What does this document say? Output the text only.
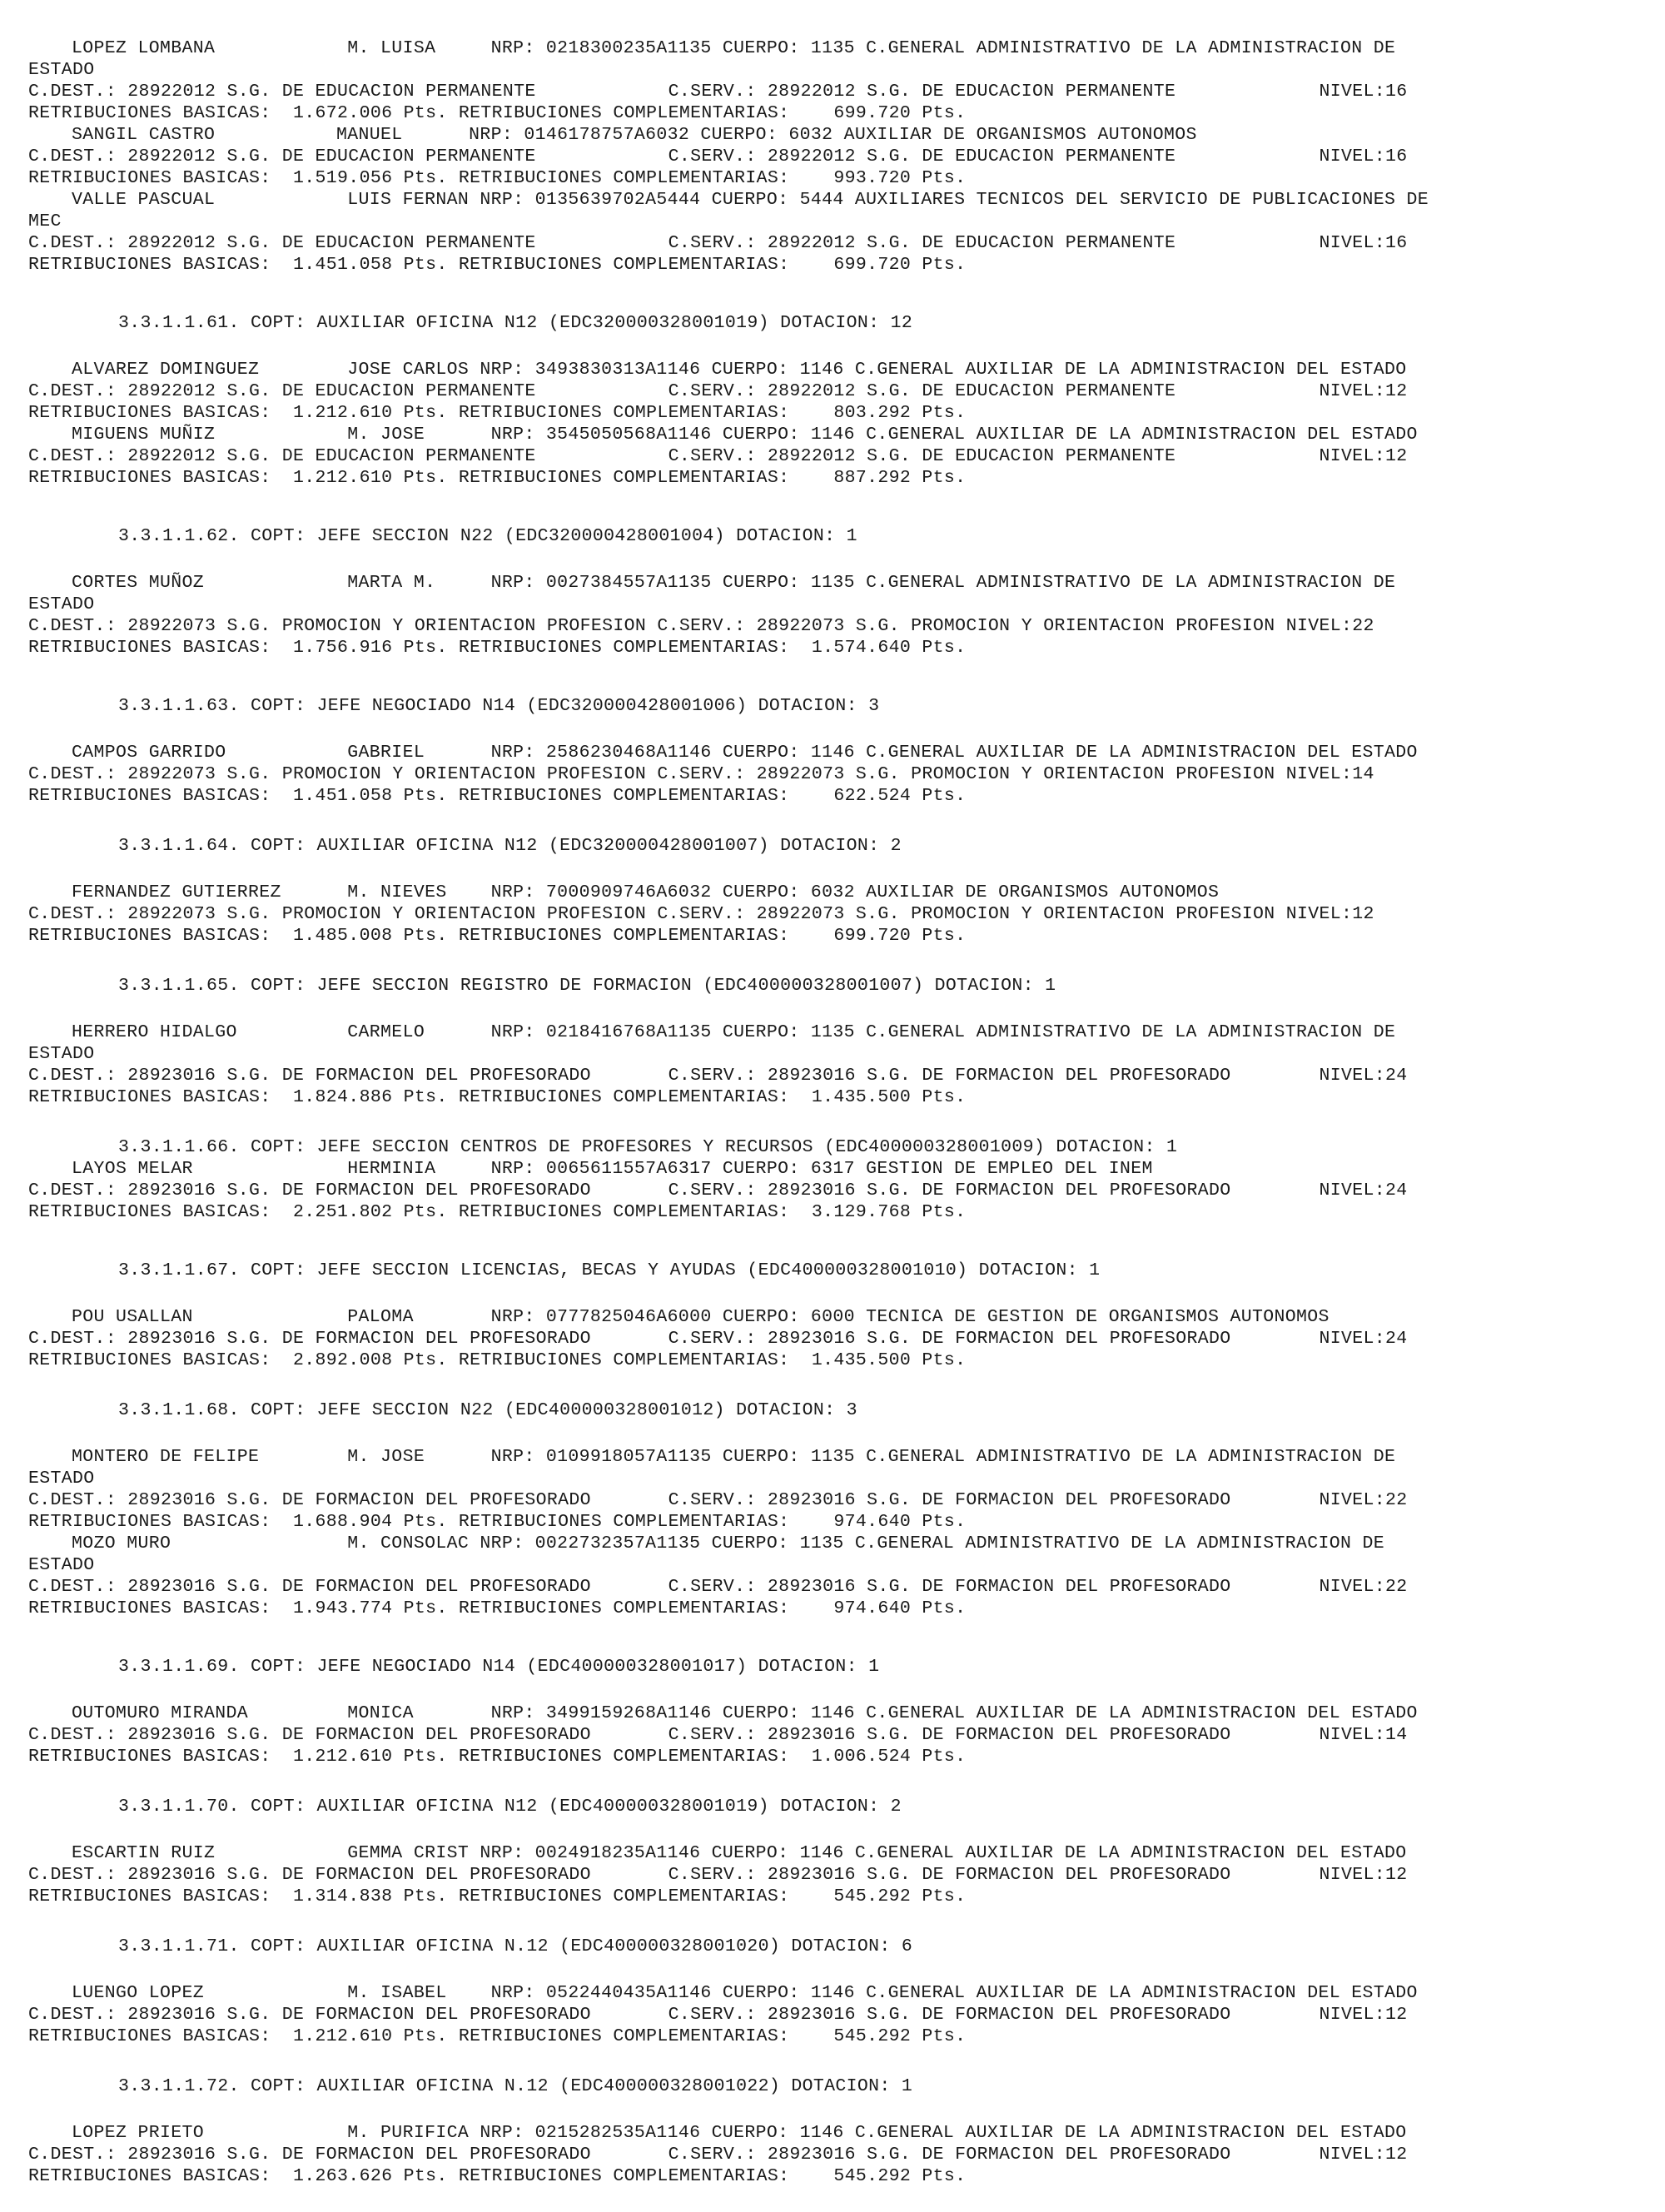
LOPEZ LOMBANA            M. LUISA     NRP: 0218300235A1135 CUERPO: 1135 C.GENERAL ADMINISTRATIVO DE LA ADMINISTRACION DE
ESTADO
C.DEST.: 28922012 S.G. DE EDUCACION PERMANENTE            C.SERV.: 28922012 S.G. DE EDUCACION PERMANENTE             NIVEL:16
RETRIBUCIONES BASICAS:  1.672.006 Pts. RETRIBUCIONES COMPLEMENTARIAS:    699.720 Pts.
SANGIL CASTRO           MANUEL      NRP: 0146178757A6032 CUERPO: 6032 AUXILIAR DE ORGANISMOS AUTONOMOS
C.DEST.: 28922012 S.G. DE EDUCACION PERMANENTE            C.SERV.: 28922012 S.G. DE EDUCACION PERMANENTE             NIVEL:16
RETRIBUCIONES BASICAS:  1.519.056 Pts. RETRIBUCIONES COMPLEMENTARIAS:    993.720 Pts.
VALLE PASCUAL            LUIS FERNAN NRP: 0135639702A5444 CUERPO: 5444 AUXILIARES TECNICOS DEL SERVICIO DE PUBLICACIONES DE
MEC
C.DEST.: 28922012 S.G. DE EDUCACION PERMANENTE            C.SERV.: 28922012 S.G. DE EDUCACION PERMANENTE             NIVEL:16
RETRIBUCIONES BASICAS:  1.451.058 Pts. RETRIBUCIONES COMPLEMENTARIAS:    699.720 Pts.
3.3.1.1.61. COPT: AUXILIAR OFICINA N12 (EDC320000328001019) DOTACION: 12
ALVAREZ DOMINGUEZ        JOSE CARLOS NRP: 3493830313A1146 CUERPO: 1146 C.GENERAL AUXILIAR DE LA ADMINISTRACION DEL ESTADO
C.DEST.: 28922012 S.G. DE EDUCACION PERMANENTE            C.SERV.: 28922012 S.G. DE EDUCACION PERMANENTE             NIVEL:12
RETRIBUCIONES BASICAS:  1.212.610 Pts. RETRIBUCIONES COMPLEMENTARIAS:    803.292 Pts.
MIGUENS MUÑIZ            M. JOSE      NRP: 3545050568A1146 CUERPO: 1146 C.GENERAL AUXILIAR DE LA ADMINISTRACION DEL ESTADO
C.DEST.: 28922012 S.G. DE EDUCACION PERMANENTE            C.SERV.: 28922012 S.G. DE EDUCACION PERMANENTE             NIVEL:12
RETRIBUCIONES BASICAS:  1.212.610 Pts. RETRIBUCIONES COMPLEMENTARIAS:    887.292 Pts.
3.3.1.1.62. COPT: JEFE SECCION N22 (EDC320000428001004) DOTACION: 1
CORTES MUÑOZ             MARTA M.     NRP: 0027384557A1135 CUERPO: 1135 C.GENERAL ADMINISTRATIVO DE LA ADMINISTRACION DE
ESTADO
C.DEST.: 28922073 S.G. PROMOCION Y ORIENTACION PROFESION C.SERV.: 28922073 S.G. PROMOCION Y ORIENTACION PROFESION NIVEL:22
RETRIBUCIONES BASICAS:  1.756.916 Pts. RETRIBUCIONES COMPLEMENTARIAS:  1.574.640 Pts.
3.3.1.1.63. COPT: JEFE NEGOCIADO N14 (EDC320000428001006) DOTACION: 3
CAMPOS GARRIDO           GABRIEL      NRP: 2586230468A1146 CUERPO: 1146 C.GENERAL AUXILIAR DE LA ADMINISTRACION DEL ESTADO
C.DEST.: 28922073 S.G. PROMOCION Y ORIENTACION PROFESION C.SERV.: 28922073 S.G. PROMOCION Y ORIENTACION PROFESION NIVEL:14
RETRIBUCIONES BASICAS:  1.451.058 Pts. RETRIBUCIONES COMPLEMENTARIAS:    622.524 Pts.
3.3.1.1.64. COPT: AUXILIAR OFICINA N12 (EDC320000428001007) DOTACION: 2
FERNANDEZ GUTIERREZ      M. NIEVES    NRP: 7000909746A6032 CUERPO: 6032 AUXILIAR DE ORGANISMOS AUTONOMOS
C.DEST.: 28922073 S.G. PROMOCION Y ORIENTACION PROFESION C.SERV.: 28922073 S.G. PROMOCION Y ORIENTACION PROFESION NIVEL:12
RETRIBUCIONES BASICAS:  1.485.008 Pts. RETRIBUCIONES COMPLEMENTARIAS:    699.720 Pts.
3.3.1.1.65. COPT: JEFE SECCION REGISTRO DE FORMACION (EDC400000328001007) DOTACION: 1
HERRERO HIDALGO          CARMELO      NRP: 0218416768A1135 CUERPO: 1135 C.GENERAL ADMINISTRATIVO DE LA ADMINISTRACION DE
ESTADO
C.DEST.: 28923016 S.G. DE FORMACION DEL PROFESORADO       C.SERV.: 28923016 S.G. DE FORMACION DEL PROFESORADO        NIVEL:24
RETRIBUCIONES BASICAS:  1.824.886 Pts. RETRIBUCIONES COMPLEMENTARIAS:  1.435.500 Pts.
3.3.1.1.66. COPT: JEFE SECCION CENTROS DE PROFESORES Y RECURSOS (EDC400000328001009) DOTACION: 1
LAYOS MELAR              HERMINIA     NRP: 0065611557A6317 CUERPO: 6317 GESTION DE EMPLEO DEL INEM
C.DEST.: 28923016 S.G. DE FORMACION DEL PROFESORADO       C.SERV.: 28923016 S.G. DE FORMACION DEL PROFESORADO        NIVEL:24
RETRIBUCIONES BASICAS:  2.251.802 Pts. RETRIBUCIONES COMPLEMENTARIAS:  3.129.768 Pts.
3.3.1.1.67. COPT: JEFE SECCION LICENCIAS, BECAS Y AYUDAS (EDC400000328001010) DOTACION: 1
POU USALLAN              PALOMA       NRP: 0777825046A6000 CUERPO: 6000 TECNICA DE GESTION DE ORGANISMOS AUTONOMOS
C.DEST.: 28923016 S.G. DE FORMACION DEL PROFESORADO       C.SERV.: 28923016 S.G. DE FORMACION DEL PROFESORADO        NIVEL:24
RETRIBUCIONES BASICAS:  2.892.008 Pts. RETRIBUCIONES COMPLEMENTARIAS:  1.435.500 Pts.
3.3.1.1.68. COPT: JEFE SECCION N22 (EDC400000328001012) DOTACION: 3
MONTERO DE FELIPE        M. JOSE      NRP: 0109918057A1135 CUERPO: 1135 C.GENERAL ADMINISTRATIVO DE LA ADMINISTRACION DE
ESTADO
C.DEST.: 28923016 S.G. DE FORMACION DEL PROFESORADO       C.SERV.: 28923016 S.G. DE FORMACION DEL PROFESORADO        NIVEL:22
RETRIBUCIONES BASICAS:  1.688.904 Pts. RETRIBUCIONES COMPLEMENTARIAS:    974.640 Pts.
MOZO MURO                M. CONSOLAC NRP: 0022732357A1135 CUERPO: 1135 C.GENERAL ADMINISTRATIVO DE LA ADMINISTRACION DE
ESTADO
C.DEST.: 28923016 S.G. DE FORMACION DEL PROFESORADO       C.SERV.: 28923016 S.G. DE FORMACION DEL PROFESORADO        NIVEL:22
RETRIBUCIONES BASICAS:  1.943.774 Pts. RETRIBUCIONES COMPLEMENTARIAS:    974.640 Pts.
3.3.1.1.69. COPT: JEFE NEGOCIADO N14 (EDC400000328001017) DOTACION: 1
OUTOMURO MIRANDA         MONICA       NRP: 3499159268A1146 CUERPO: 1146 C.GENERAL AUXILIAR DE LA ADMINISTRACION DEL ESTADO
C.DEST.: 28923016 S.G. DE FORMACION DEL PROFESORADO       C.SERV.: 28923016 S.G. DE FORMACION DEL PROFESORADO        NIVEL:14
RETRIBUCIONES BASICAS:  1.212.610 Pts. RETRIBUCIONES COMPLEMENTARIAS:  1.006.524 Pts.
3.3.1.1.70. COPT: AUXILIAR OFICINA N12 (EDC400000328001019) DOTACION: 2
ESCARTIN RUIZ            GEMMA CRIST NRP: 0024918235A1146 CUERPO: 1146 C.GENERAL AUXILIAR DE LA ADMINISTRACION DEL ESTADO
C.DEST.: 28923016 S.G. DE FORMACION DEL PROFESORADO       C.SERV.: 28923016 S.G. DE FORMACION DEL PROFESORADO        NIVEL:12
RETRIBUCIONES BASICAS:  1.314.838 Pts. RETRIBUCIONES COMPLEMENTARIAS:    545.292 Pts.
3.3.1.1.71. COPT: AUXILIAR OFICINA N.12 (EDC400000328001020) DOTACION: 6
LUENGO LOPEZ             M. ISABEL    NRP: 0522440435A1146 CUERPO: 1146 C.GENERAL AUXILIAR DE LA ADMINISTRACION DEL ESTADO
C.DEST.: 28923016 S.G. DE FORMACION DEL PROFESORADO       C.SERV.: 28923016 S.G. DE FORMACION DEL PROFESORADO        NIVEL:12
RETRIBUCIONES BASICAS:  1.212.610 Pts. RETRIBUCIONES COMPLEMENTARIAS:    545.292 Pts.
3.3.1.1.72. COPT: AUXILIAR OFICINA N.12 (EDC400000328001022) DOTACION: 1
LOPEZ PRIETO             M. PURIFICA NRP: 0215282535A1146 CUERPO: 1146 C.GENERAL AUXILIAR DE LA ADMINISTRACION DEL ESTADO
C.DEST.: 28923016 S.G. DE FORMACION DEL PROFESORADO       C.SERV.: 28923016 S.G. DE FORMACION DEL PROFESORADO        NIVEL:12
RETRIBUCIONES BASICAS:  1.263.626 Pts. RETRIBUCIONES COMPLEMENTARIAS:    545.292 Pts.
